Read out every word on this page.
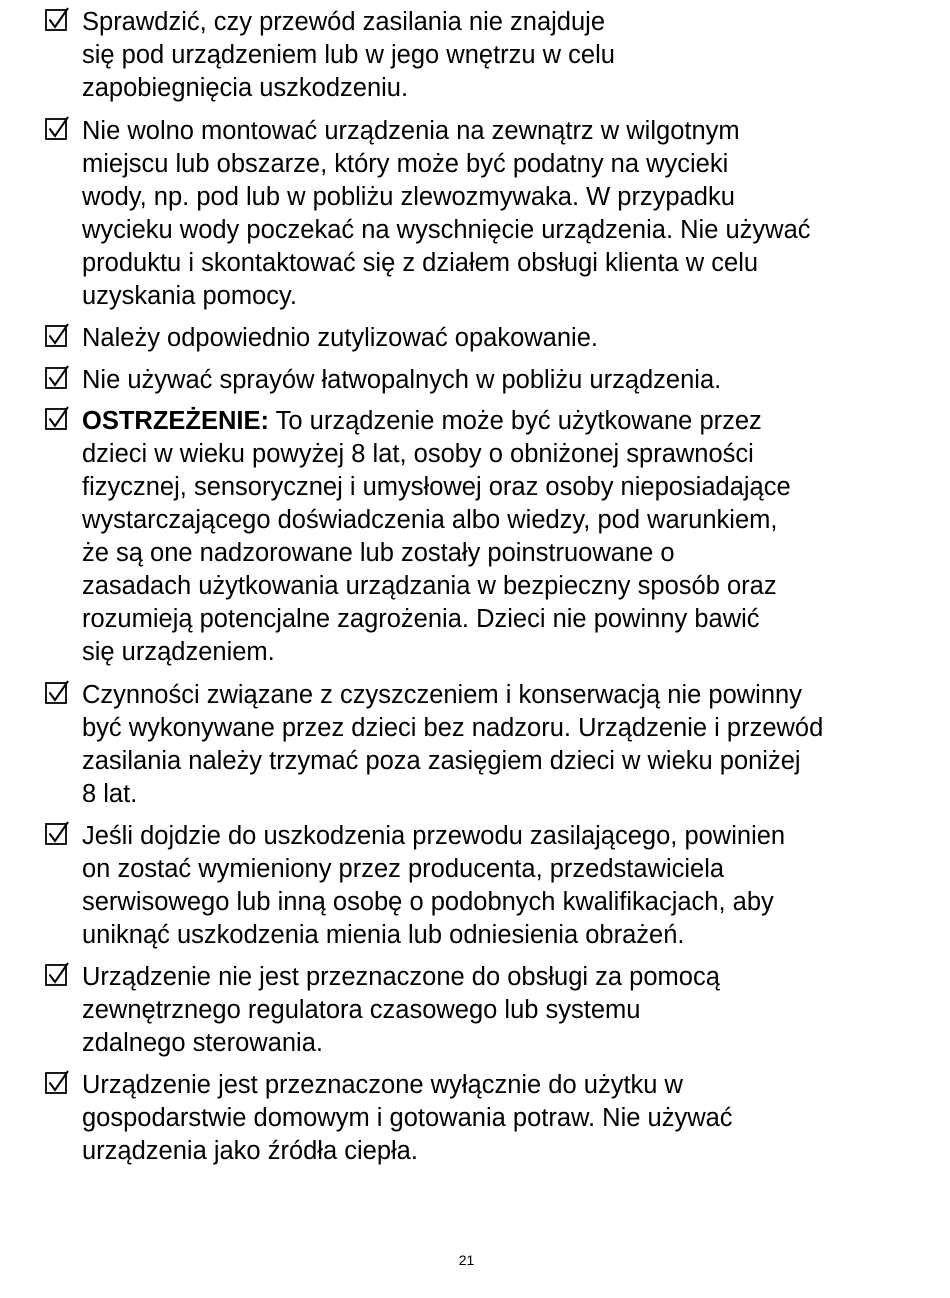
Sprawdzić, czy przewód zasilania nie znajduje
się pod urządzeniem lub w jego wnętrzu w celu
zapobiegnięcia uszkodzeniu.
Nie wolno montować urządzenia na zewnątrz w wilgotnym
miejscu lub obszarze, który może być podatny na wycieki
wody, np. pod lub w pobliżu zlewozmywaka. W przypadku
wycieku wody poczekać na wyschnięcie urządzenia. Nie używać
produktu i skontaktować się z działem obsługi klienta w celu
uzyskania pomocy.
Należy odpowiednio zutylizować opakowanie.
Nie używać sprayów łatwopalnych w pobliżu urządzenia.
OSTRZEŻENIE: To urządzenie może być użytkowane przez
dzieci w wieku powyżej 8 lat, osoby o obniżonej sprawności
fizycznej, sensorycznej i umysłowej oraz osoby nieposiadające
wystarczającego doświadczenia albo wiedzy, pod warunkiem,
że są one nadzorowane lub zostały poinstruowane o
zasadach użytkowania urządzania w bezpieczny sposób oraz
rozumieją potencjalne zagrożenia. Dzieci nie powinny bawić
się urządzeniem.
Czynności związane z czyszczeniem i konserwacją nie powinny
być wykonywane przez dzieci bez nadzoru. Urządzenie i przewód
zasilania należy trzymać poza zasięgiem dzieci w wieku poniżej
8 lat.
Jeśli dojdzie do uszkodzenia przewodu zasilającego, powinien
on zostać wymieniony przez producenta, przedstawiciela
serwisowego lub inną osobę o podobnych kwalifikacjach, aby
uniknąć uszkodzenia mienia lub odniesienia obrażeń.
Urządzenie nie jest przeznaczone do obsługi za pomocą
zewnętrznego regulatora czasowego lub systemu
zdalnego sterowania.
Urządzenie jest przeznaczone wyłącznie do użytku w
gospodarstwie domowym i gotowania potraw. Nie używać
urządzenia jako źródła ciepła.
21
